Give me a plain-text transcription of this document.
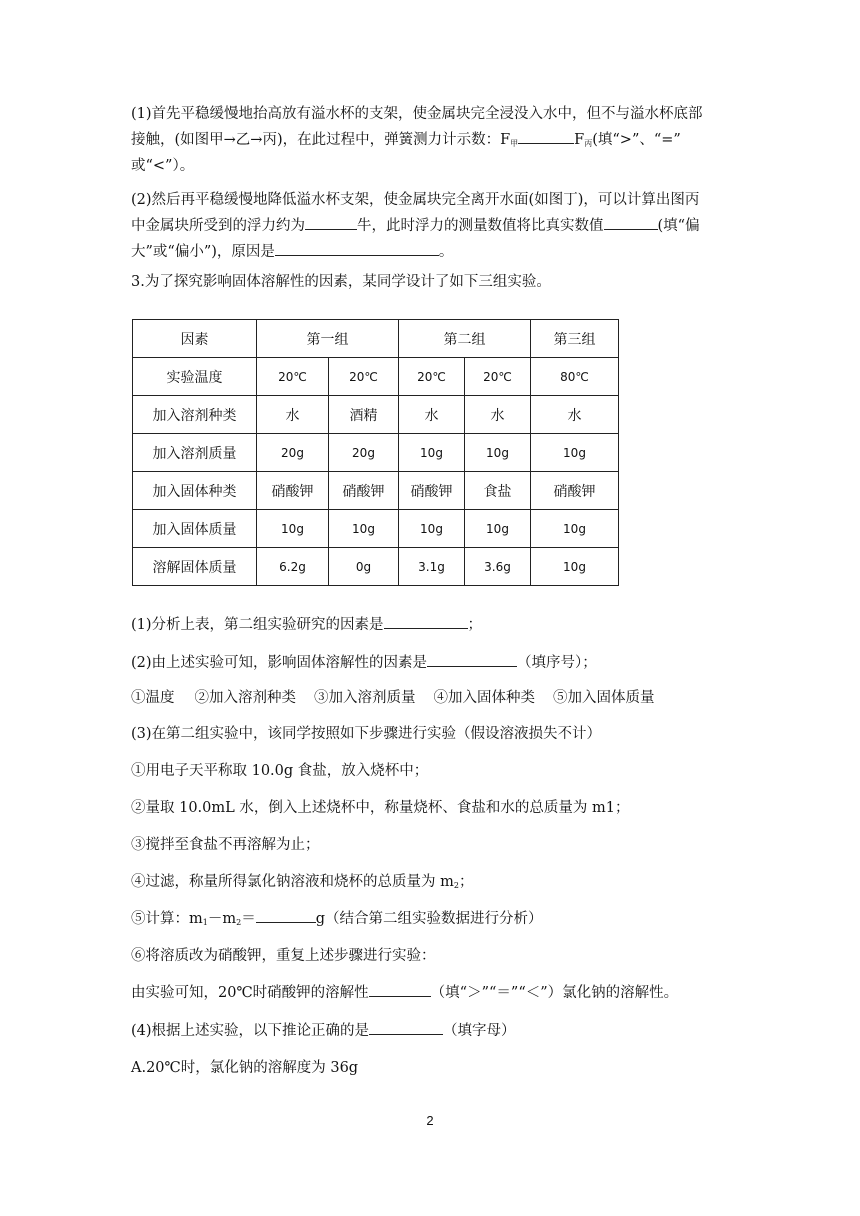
(1)首先平稳缓慢地抬高放有溢水杯的支架，使金属块完全浸没入水中，但不与溢水杯底部
接触，(如图甲→乙→丙)，在此过程中，弹簧测力计示数：$F_甲$	$F_丙$(填“>”、“=”
或“<”）。
(2)然后再平稳缓慢地降低溢水杯支架，使金属块完全离开水面(如图丁)，可以计算出图丙
中金属块所受到的浮力约为	牛，此时浮力的测量数值将比真实数值	(填“偏
大”或“偏小”)，原因是	。
3.为了探究影响固体溶解性的因素，某同学设计了如下三组实验。
因素	第一组		第二组		第三组
实验温度	20℃	20℃	20℃	20℃	80℃
加入溶剂种类	水	酒精	水	水	水
加入溶剂质量	20g	20g	10g	10g	10g
加入固体种类	硝酸钾	硝酸钾	硝酸钾	食盐	硝酸钾
加入固体质量	10g	10g	10g	10g	10g
溶解固体质量	6.2g	0g	3.1g	3.6g	10g
(1)分析上表，第二组实验研究的因素是	；
(2)由上述实验可知，影响固体溶解性的因素是	（填序号）；
①温度 ②加入溶剂种类 ③加入溶剂质量 ④加入固体种类 ⑤加入固体质量
(3)在第二组实验中，该同学按照如下步骤进行实验（假设溶液损失不计）
①用电子天平称取 10.0g 食盐，放入烧杯中；
②量取 10.0mL 水，倒入上述烧杯中，称量烧杯、食盐和水的总质量为 m1；
③搅拌至食盐不再溶解为止；
④过滤，称量所得氯化钠溶液和烧杯的总质量为 $m_2$；
⑤计算：$m_1-m_2=$	g（结合第二组实验数据进行分析）
⑥将溶质改为硝酸钾，重复上述步骤进行实验：
由实验可知，20℃时硝酸钾的溶解性	（填“＞”“＝”“＜”）氯化钠的溶解性。
(4)根据上述实验，以下推论正确的是	（填字母）
A.20℃时，氯化钠的溶解度为 36g
2
